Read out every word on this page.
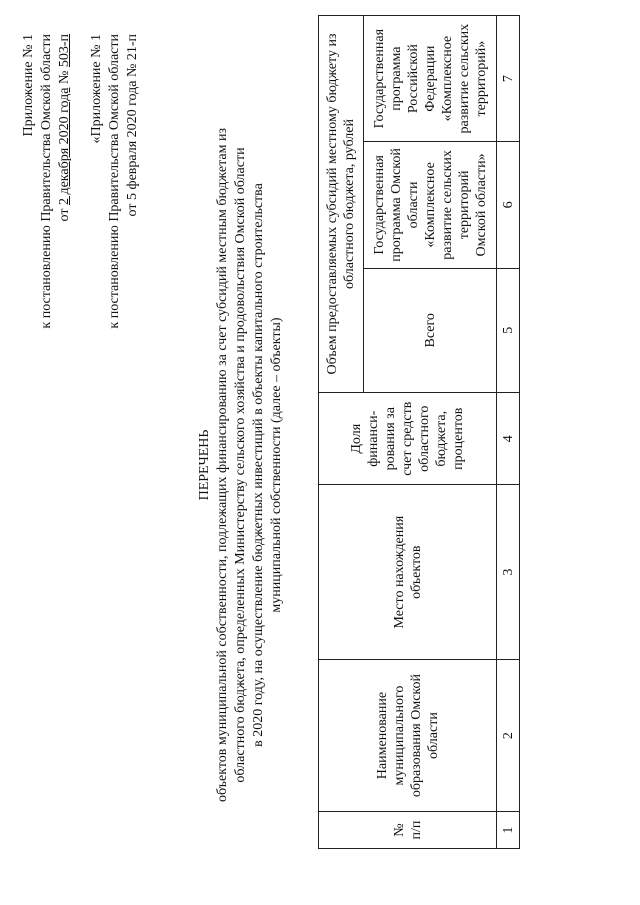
Приложение № 1 к постановлению Правительства Омской области от 2 декабря 2020 года № 503-п «Приложение № 1 к постановлению Правительства Омской области от 5 февраля 2020 года № 21-п
ПЕРЕЧЕНЬ объектов муниципальной собственности, подлежащих финансированию за счет субсидий местным бюджетам из областного бюджета, определенных Министерству сельского хозяйства и продовольствия Омской области в 2020 году, на осуществление бюджетных инвестиций в объекты капитального строительства муниципальной собственности (далее – объекты)
№ п/п	Наименование муниципального образования Омской области	Место нахождения объектов	Доля финанси-рования за счет средств областного бюджета, процентов	Объем предоставляемых субсидий местному бюджету из областного бюджета, рублей		
				Всего	Государственная программа Омской области «Комплексное развитие сельских территорий Омской области»	Государственная программа Российской Федерации «Комплексное развитие сельских территорий»
1	2	3	4	5	6	7
